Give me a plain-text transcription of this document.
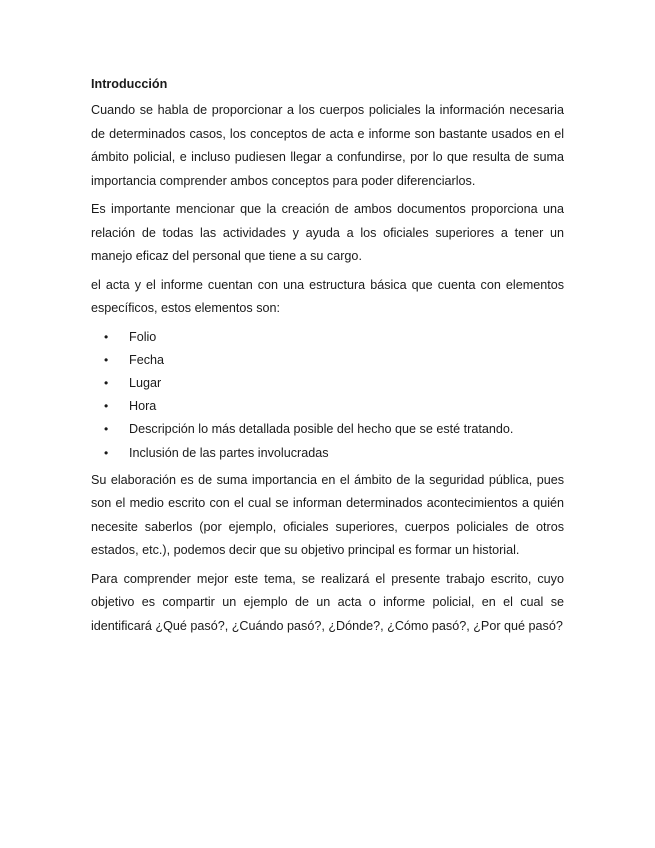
Introducción

Cuando se habla de proporcionar a los cuerpos policiales la información necesaria de determinados casos, los conceptos de acta e informe son bastante usados en el ámbito policial, e incluso pudiesen llegar a confundirse, por lo que resulta de suma importancia comprender ambos conceptos para poder diferenciarlos.

Es importante mencionar que la creación de ambos documentos proporciona una relación de todas las actividades y ayuda a los oficiales superiores a tener un manejo eficaz del personal que tiene a su cargo.

el acta y el informe cuentan con una estructura básica que cuenta con elementos específicos, estos elementos son:

• Folio
• Fecha
• Lugar
• Hora
• Descripción lo más detallada posible del hecho que se esté tratando.
• Inclusión de las partes involucradas

Su elaboración es de suma importancia en el ámbito de la seguridad pública, pues son el medio escrito con el cual se informan determinados acontecimientos a quién necesite saberlos (por ejemplo, oficiales superiores, cuerpos policiales de otros estados, etc.), podemos decir que su objetivo principal es formar un historial.

Para comprender mejor este tema, se realizará el presente trabajo escrito, cuyo objetivo es compartir un ejemplo de un acta o informe policial, en el cual se identificará ¿Qué pasó?, ¿Cuándo pasó?, ¿Dónde?, ¿Cómo pasó?, ¿Por qué pasó?
